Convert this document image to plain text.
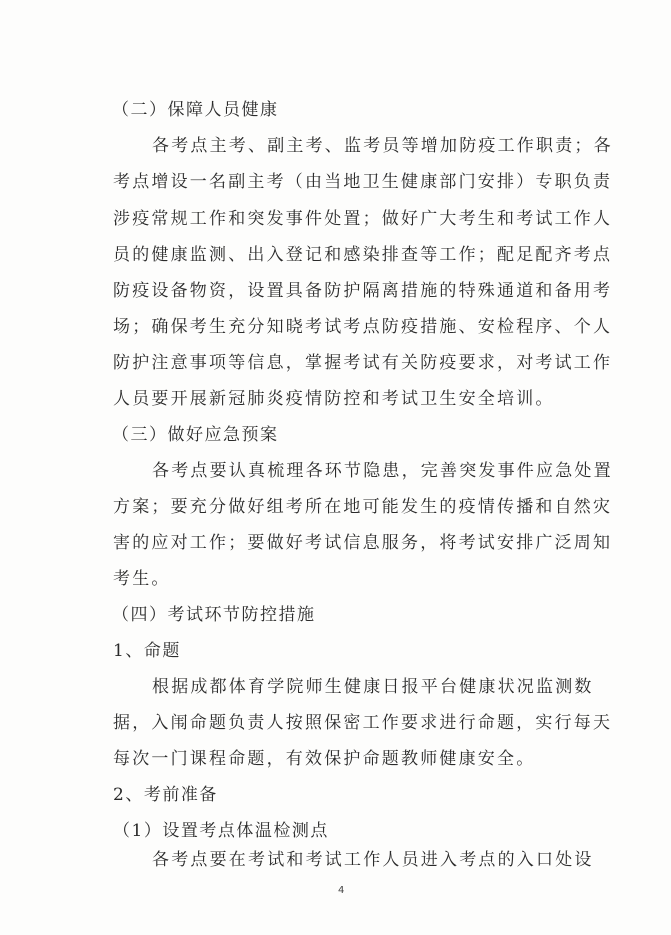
（二）保障人员健康
各考点主考、副主考、监考员等增加防疫工作职责；各
考点增设一名副主考（由当地卫生健康部门安排）专职负责
涉疫常规工作和突发事件处置；做好广大考生和考试工作人
员的健康监测、出入登记和感染排查等工作；配足配齐考点
防疫设备物资，设置具备防护隔离措施的特殊通道和备用考
场；确保考生充分知晓考试考点防疫措施、安检程序、个人
防护注意事项等信息，掌握考试有关防疫要求，对考试工作
人员要开展新冠肺炎疫情防控和考试卫生安全培训。
（三）做好应急预案
各考点要认真梳理各环节隐患，完善突发事件应急处置
方案；要充分做好组考所在地可能发生的疫情传播和自然灾
害的应对工作；要做好考试信息服务，将考试安排广泛周知
考生。
（四）考试环节防控措施
1、命题
根据成都体育学院师生健康日报平台健康状况监测数
据，入闱命题负责人按照保密工作要求进行命题，实行每天
每次一门课程命题，有效保护命题教师健康安全。
2、考前准备
（1）设置考点体温检测点
各考点要在考试和考试工作人员进入考点的入口处设
4
